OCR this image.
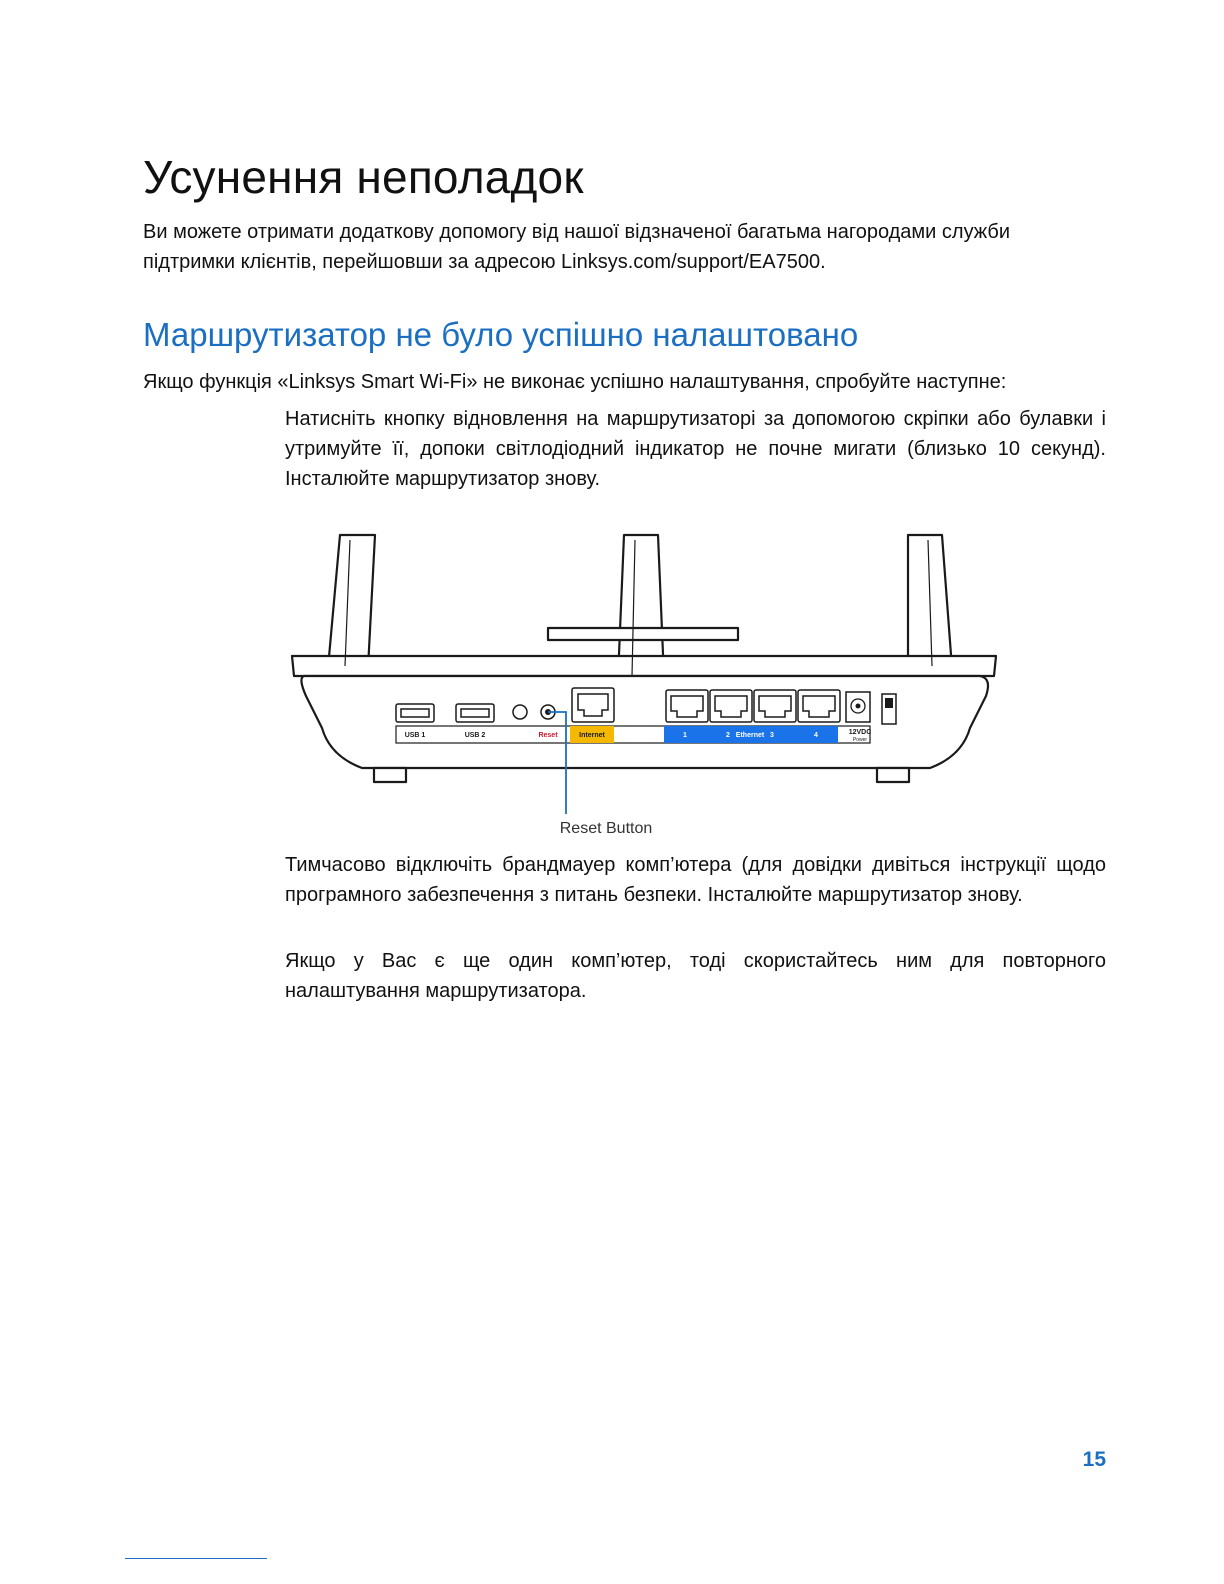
Усунення неполадок

Ви можете отримати додаткову допомогу від нашої відзначеної багатьма нагородами служби підтримки клієнтів, перейшовши за адресою Linksys.com/support/EA7500.

Маршрутизатор не було успішно налаштовано

Якщо функція «Linksys Smart Wi-Fi» не виконає успішно налаштування, спробуйте наступне:

Натисніть кнопку відновлення на маршрутизаторі за допомогою скріпки або булавки і утримуйте її, допоки світлодіодний індикатор не почне мигати (близько 10 секунд). Інсталюйте маршрутизатор знову.

USB 1	USB 2	Reset	Internet	1	2 Ethernet 3	4	12VDC
Power
Reset Button

Тимчасово відключіть брандмауер комп’ютера (для довідки дивіться інструкції щодо програмного забезпечення з питань безпеки. Інсталюйте маршрутизатор знову.

Якщо у Вас є ще один комп’ютер, тоді скористайтесь ним для повторного налаштування маршрутизатора.

15
